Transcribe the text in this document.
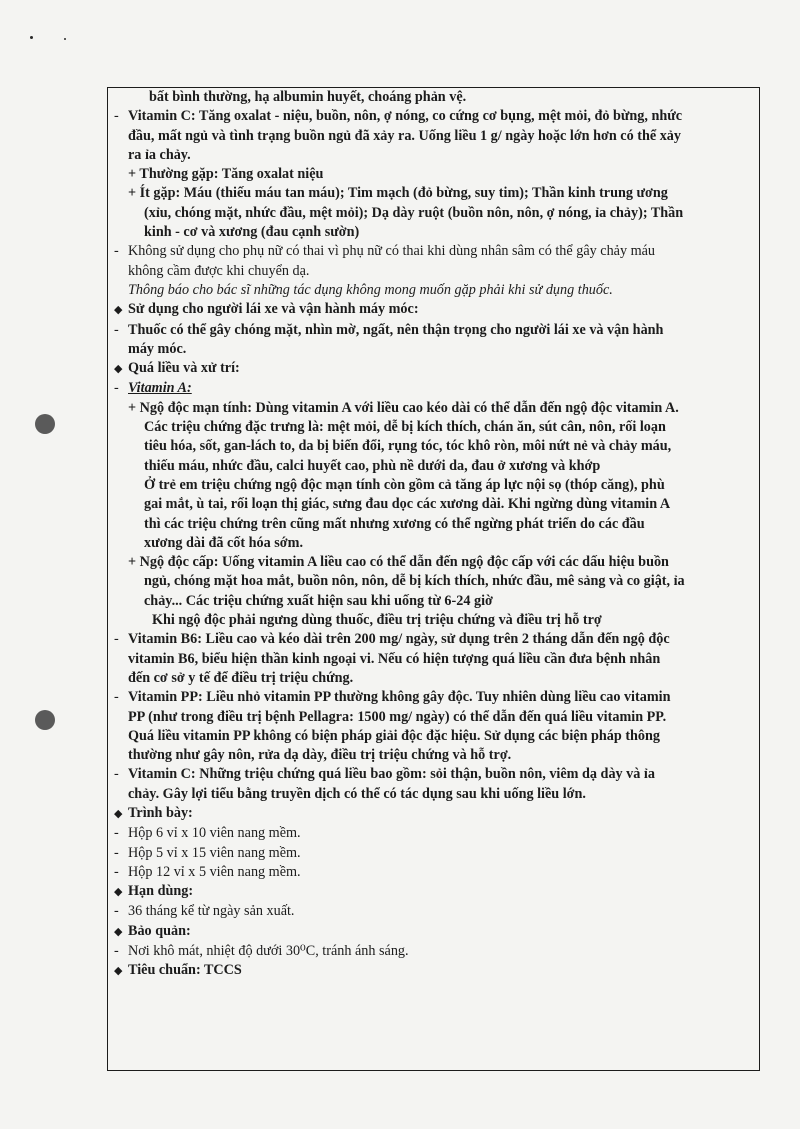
bất bình thường, hạ albumin huyết, choáng phản vệ.
- Vitamin C: Tăng oxalat - niệu, buồn, nôn, ợ nóng, co cứng cơ bụng, mệt mỏi, đỏ bừng, nhức
đầu, mất ngủ và tình trạng buồn ngủ đã xảy ra. Uống liều 1 g/ ngày hoặc lớn hơn có thể xảy
ra ỉa chảy.
+ Thường gặp: Tăng oxalat niệu
+ Ít gặp: Máu (thiếu máu tan máu); Tim mạch (đỏ bừng, suy tim); Thần kinh trung ương
(xỉu, chóng mặt, nhức đầu, mệt mỏi); Dạ dày ruột (buồn nôn, nôn, ợ nóng, ỉa chảy); Thần
kinh - cơ và xương (đau cạnh sườn)
- Không sử dụng cho phụ nữ có thai vì phụ nữ có thai khi dùng nhân sâm có thể gây chảy máu
không cầm được khi chuyển dạ.
Thông báo cho bác sĩ những tác dụng không mong muốn gặp phải khi sử dụng thuốc.
◆ Sử dụng cho người lái xe và vận hành máy móc:
- Thuốc có thể gây chóng mặt, nhìn mờ, ngất, nên thận trọng cho người lái xe và vận hành
máy móc.
◆ Quá liều và xử trí:
- Vitamin A:
+ Ngộ độc mạn tính: Dùng vitamin A với liều cao kéo dài có thể dẫn đến ngộ độc vitamin A.
Các triệu chứng đặc trưng là: mệt mỏi, dễ bị kích thích, chán ăn, sút cân, nôn, rối loạn
tiêu hóa, sốt, gan-lách to, da bị biến đổi, rụng tóc, tóc khô ròn, môi nứt nẻ và chảy máu,
thiếu máu, nhức đầu, calci huyết cao, phù nề dưới da, đau ở xương và khớp
Ở trẻ em triệu chứng ngộ độc mạn tính còn gồm cả tăng áp lực nội sọ (thóp căng), phù
gai mắt, ù tai, rối loạn thị giác, sưng đau dọc các xương dài. Khi ngừng dùng vitamin A
thì các triệu chứng trên cũng mất nhưng xương có thể ngừng phát triển do các đầu
xương dài đã cốt hóa sớm.
+ Ngộ độc cấp: Uống vitamin A liều cao có thể dẫn đến ngộ độc cấp với các dấu hiệu buồn
ngủ, chóng mặt hoa mắt, buồn nôn, nôn, dễ bị kích thích, nhức đầu, mê sảng và co giật, ỉa
chảy... Các triệu chứng xuất hiện sau khi uống từ 6-24 giờ
Khi ngộ độc phải ngưng dùng thuốc, điều trị triệu chứng và điều trị hỗ trợ
- Vitamin B6: Liều cao và kéo dài trên 200 mg/ ngày, sử dụng trên 2 tháng dẫn đến ngộ độc
vitamin B6, biểu hiện thần kinh ngoại vi. Nếu có hiện tượng quá liều cần đưa bệnh nhân
đến cơ sở y tế để điều trị triệu chứng.
- Vitamin PP: Liều nhỏ vitamin PP thường không gây độc. Tuy nhiên dùng liều cao vitamin
PP (như trong điều trị bệnh Pellagra: 1500 mg/ ngày) có thể dẫn đến quá liều vitamin PP.
Quá liều vitamin PP không có biện pháp giải độc đặc hiệu. Sử dụng các biện pháp thông
thường như gây nôn, rửa dạ dày, điều trị triệu chứng và hỗ trợ.
- Vitamin C: Những triệu chứng quá liều bao gồm: sỏi thận, buồn nôn, viêm dạ dày và ỉa
chảy. Gây lợi tiểu bằng truyền dịch có thể có tác dụng sau khi uống liều lớn.
◆ Trình bày:
- Hộp 6 vỉ x 10 viên nang mềm.
- Hộp 5 vỉ x 15 viên nang mềm.
- Hộp 12 vỉ x 5 viên nang mềm.
◆ Hạn dùng:
- 36 tháng kể từ ngày sản xuất.
◆ Bảo quản:
- Nơi khô mát, nhiệt độ dưới 30⁰C, tránh ánh sáng.
◆ Tiêu chuẩn: TCCS
